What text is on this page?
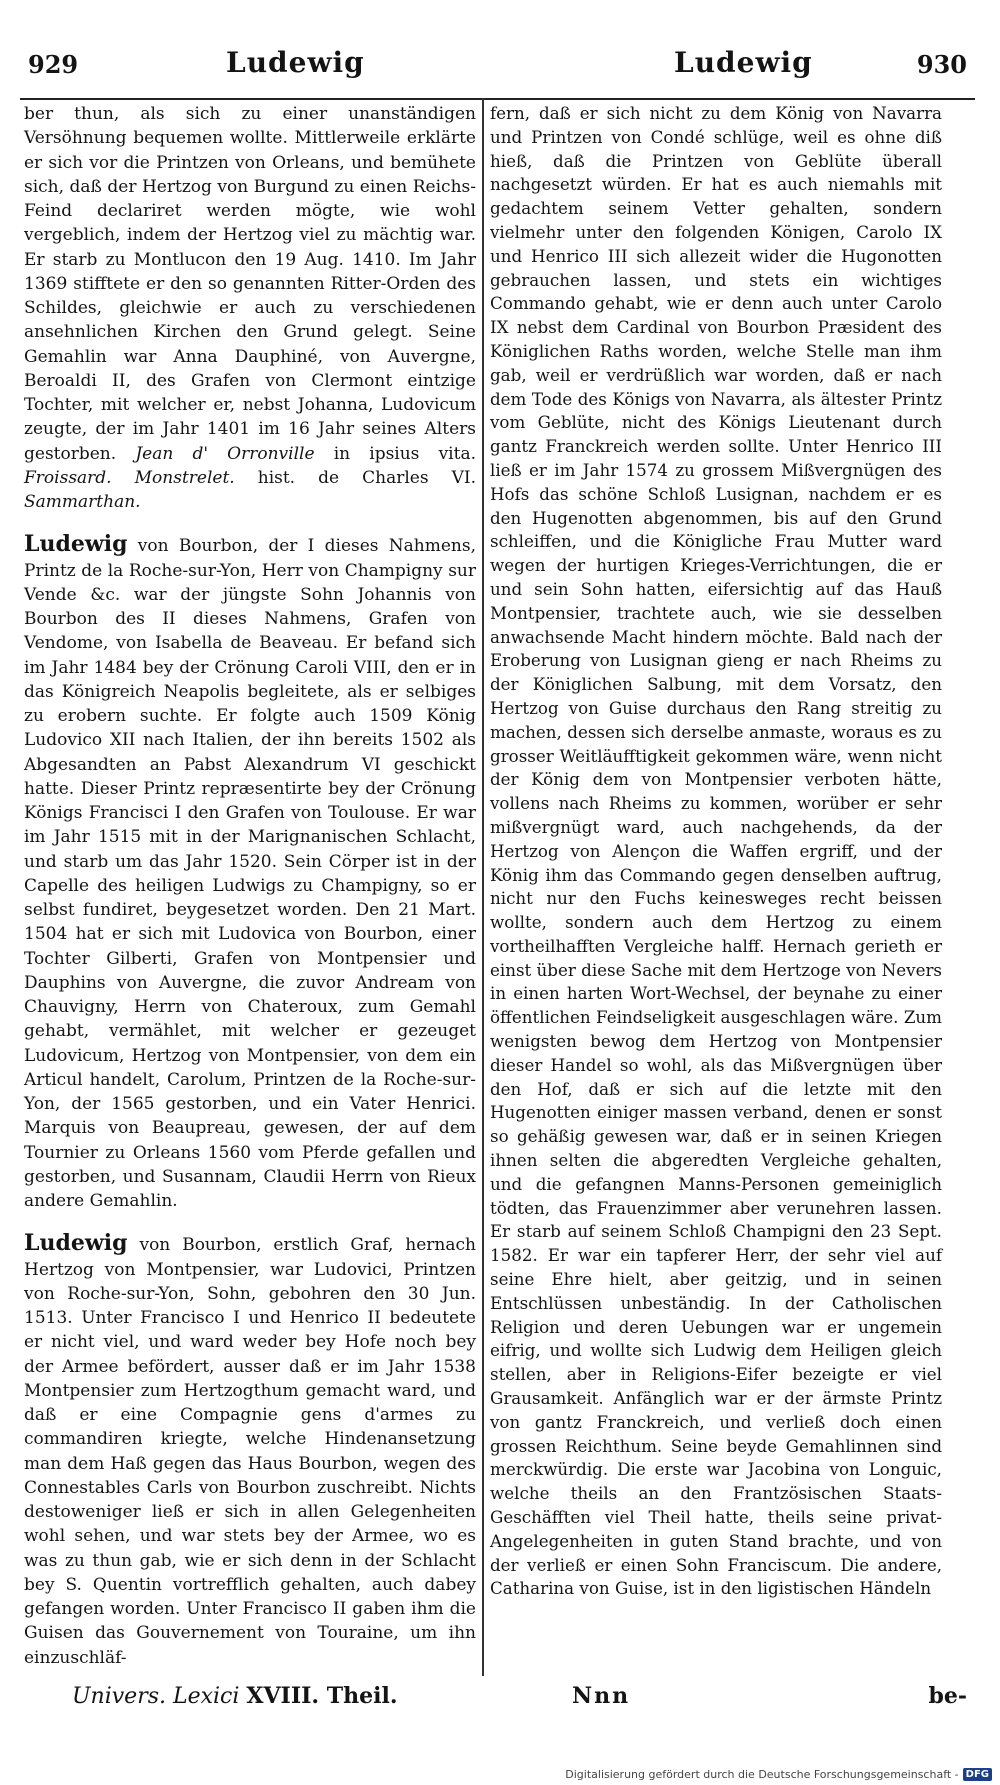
929	Ludewig	Ludewig	930

ber thun, als sich zu einer unanständigen Versöhnung bequemen wollte. Mittlerweile erklärte er sich vor die Printzen von Orleans, und bemühete sich, daß der Hertzog von Burgund zu einen Reichs-Feind declariret werden mögte, wie wohl vergeblich, indem der Hertzog viel zu mächtig war. Er starb zu Montlucon den 19 Aug. 1410. Im Jahr 1369 stifftete er den so genannten Ritter-Orden des Schildes, gleichwie er auch zu verschiedenen ansehnlichen Kirchen den Grund gelegt. Seine Gemahlin war Anna Dauphiné, von Auvergne, Beroaldi II, des Grafen von Clermont eintzige Tochter, mit welcher er, nebst Johanna, Ludovicum zeugte, der im Jahr 1401 im 16 Jahr seines Alters gestorben. Jean d' Orronville in ipsius vita. Froissard. Monstrelet. hist. de Charles VI. Sammarthan.

Ludewig von Bourbon, der I dieses Nahmens, Printz de la Roche-sur-Yon, Herr von Champigny sur Vende &c. war der jüngste Sohn Johannis von Bourbon des II dieses Nahmens, Grafen von Vendome, von Isabella de Beaveau. Er befand sich im Jahr 1484 bey der Crönung Caroli VIII, den er in das Königreich Neapolis begleitete, als er selbiges zu erobern suchte. Er folgte auch 1509 König Ludovico XII nach Italien, der ihn bereits 1502 als Abgesandten an Pabst Alexandrum VI geschickt hatte. Dieser Printz repræsentirte bey der Crönung Königs Francisci I den Grafen von Toulouse. Er war im Jahr 1515 mit in der Marignanischen Schlacht, und starb um das Jahr 1520. Sein Cörper ist in der Capelle des heiligen Ludwigs zu Champigny, so er selbst fundiret, beygesetzet worden. Den 21 Mart. 1504 hat er sich mit Ludovica von Bourbon, einer Tochter Gilberti, Grafen von Montpensier und Dauphins von Auvergne, die zuvor Andream von Chauvigny, Herrn von Chateroux, zum Gemahl gehabt, vermählet, mit welcher er gezeuget Ludovicum, Hertzog von Montpensier, von dem ein Articul handelt, Carolum, Printzen de la Roche-sur-Yon, der 1565 gestorben, und ein Vater Henrici. Marquis von Beaupreau, gewesen, der auf dem Tournier zu Orleans 1560 vom Pferde gefallen und gestorben, und Susannam, Claudii Herrn von Rieux andere Gemahlin.

Ludewig von Bourbon, erstlich Graf, hernach Hertzog von Montpensier, war Ludovici, Printzen von Roche-sur-Yon, Sohn, gebohren den 30 Jun. 1513. Unter Francisco I und Henrico II bedeutete er nicht viel, und ward weder bey Hofe noch bey der Armee befördert, ausser daß er im Jahr 1538 Montpensier zum Hertzogthum gemacht ward, und daß er eine Compagnie gens d'armes zu commandiren kriegte, welche Hindenansetzung man dem Haß gegen das Haus Bourbon, wegen des Connestables Carls von Bourbon zuschreibt. Nichts destoweniger ließ er sich in allen Gelegenheiten wohl sehen, und war stets bey der Armee, wo es was zu thun gab, wie er sich denn in der Schlacht bey S. Quentin vortrefflich gehalten, auch dabey gefangen worden. Unter Francisco II gaben ihm die Guisen das Gouvernement von Touraine, um ihn einzuschläf-

fern, daß er sich nicht zu dem König von Navarra und Printzen von Condé schlüge, weil es ohne diß hieß, daß die Printzen von Geblüte überall nachgesetzt würden. Er hat es auch niemahls mit gedachtem seinem Vetter gehalten, sondern vielmehr unter den folgenden Königen, Carolo IX und Henrico III sich allezeit wider die Hugonotten gebrauchen lassen, und stets ein wichtiges Commando gehabt, wie er denn auch unter Carolo IX nebst dem Cardinal von Bourbon Præsident des Königlichen Raths worden, welche Stelle man ihm gab, weil er verdrüßlich war worden, daß er nach dem Tode des Königs von Navarra, als ältester Printz vom Geblüte, nicht des Königs Lieutenant durch gantz Franckreich werden sollte. Unter Henrico III ließ er im Jahr 1574 zu grossem Mißvergnügen des Hofs das schöne Schloß Lusignan, nachdem er es den Hugenotten abgenommen, bis auf den Grund schleiffen, und die Königliche Frau Mutter ward wegen der hurtigen Krieges-Verrichtungen, die er und sein Sohn hatten, eifersichtig auf das Hauß Montpensier, trachtete auch, wie sie desselben anwachsende Macht hindern möchte. Bald nach der Eroberung von Lusignan gieng er nach Rheims zu der Königlichen Salbung, mit dem Vorsatz, den Hertzog von Guise durchaus den Rang streitig zu machen, dessen sich derselbe anmaste, woraus es zu grosser Weitläufftigkeit gekommen wäre, wenn nicht der König dem von Montpensier verboten hätte, vollens nach Rheims zu kommen, worüber er sehr mißvergnügt ward, auch nachgehends, da der Hertzog von Alençon die Waffen ergriff, und der König ihm das Commando gegen denselben auftrug, nicht nur den Fuchs keinesweges recht beissen wollte, sondern auch dem Hertzog zu einem vortheilhafften Vergleiche halff. Hernach gerieth er einst über diese Sache mit dem Hertzoge von Nevers in einen harten Wort-Wechsel, der beynahe zu einer öffentlichen Feindseligkeit ausgeschlagen wäre. Zum wenigsten bewog dem Hertzog von Montpensier dieser Handel so wohl, als das Mißvergnügen über den Hof, daß er sich auf die letzte mit den Hugenotten einiger massen verband, denen er sonst so gehäßig gewesen war, daß er in seinen Kriegen ihnen selten die abgeredten Vergleiche gehalten, und die gefangnen Manns-Personen gemeiniglich tödten, das Frauenzimmer aber verunehren lassen. Er starb auf seinem Schloß Champigni den 23 Sept. 1582. Er war ein tapferer Herr, der sehr viel auf seine Ehre hielt, aber geitzig, und in seinen Entschlüssen unbeständig. In der Catholischen Religion und deren Uebungen war er ungemein eifrig, und wollte sich Ludwig dem Heiligen gleich stellen, aber in Religions-Eifer bezeigte er viel Grausamkeit. Anfänglich war er der ärmste Printz von gantz Franckreich, und verließ doch einen grossen Reichthum. Seine beyde Gemahlinnen sind merckwürdig. Die erste war Jacobina von Longuic, welche theils an den Frantzösischen Staats-Geschäfften viel Theil hatte, theils seine privat-Angelegenheiten in guten Stand brachte, und von der verließ er einen Sohn Franciscum. Die andere, Catharina von Guise, ist in den ligistischen Händeln

Univers. Lexici XVIII. Theil.	Nnn	be-
Digitalisierung gefördert durch die Deutsche Forschungsgemeinschaft - DFG
